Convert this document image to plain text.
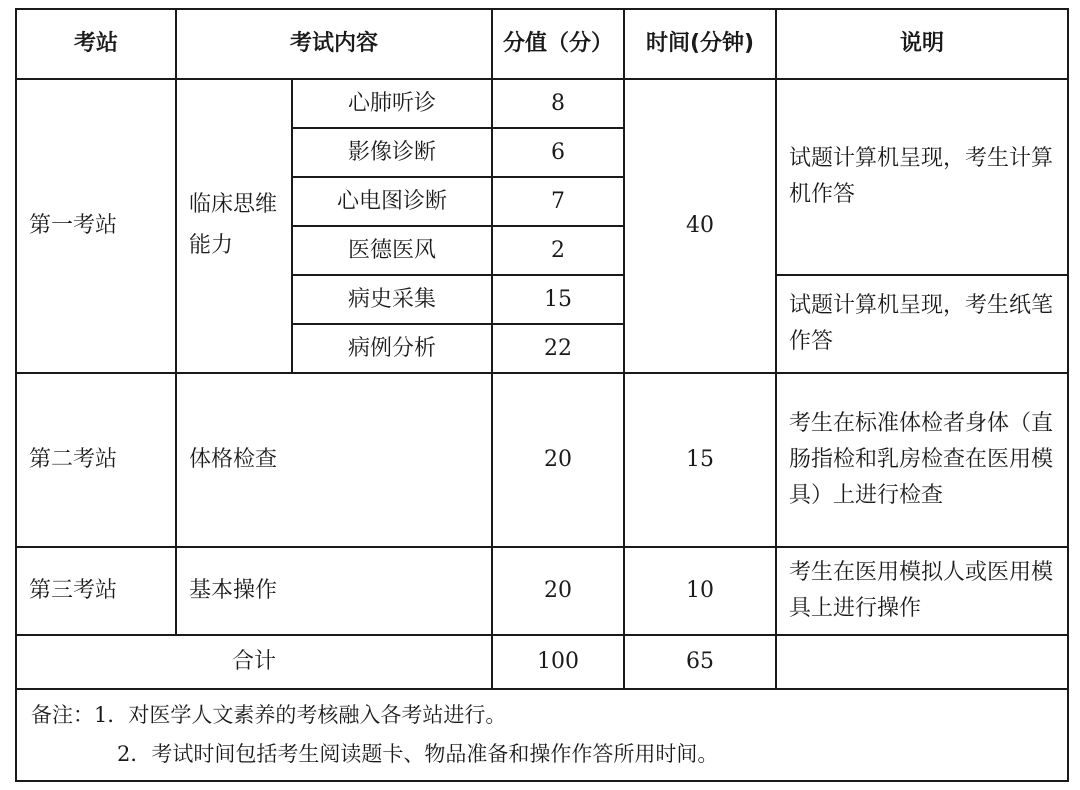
考站	考试内容		分值（分）	时间(分钟)	说明
第一考站	临床思维能力	心肺听诊	8	40	试题计算机呈现，考生计算机作答
		影像诊断	6		
		心电图诊断	7		
		医德医风	2		
		病史采集	15		试题计算机呈现，考生纸笔作答
		病例分析	22		
第二考站	体格检查		20	15	考生在标准体检者身体（直肠指检和乳房检查在医用模具）上进行检查
第三考站	基本操作		20	10	考生在医用模拟人或医用模具上进行操作
合计			100	65	

备注：1．对医学人文素养的考核融入各考站进行。
2．考试时间包括考生阅读题卡、物品准备和操作作答所用时间。					
